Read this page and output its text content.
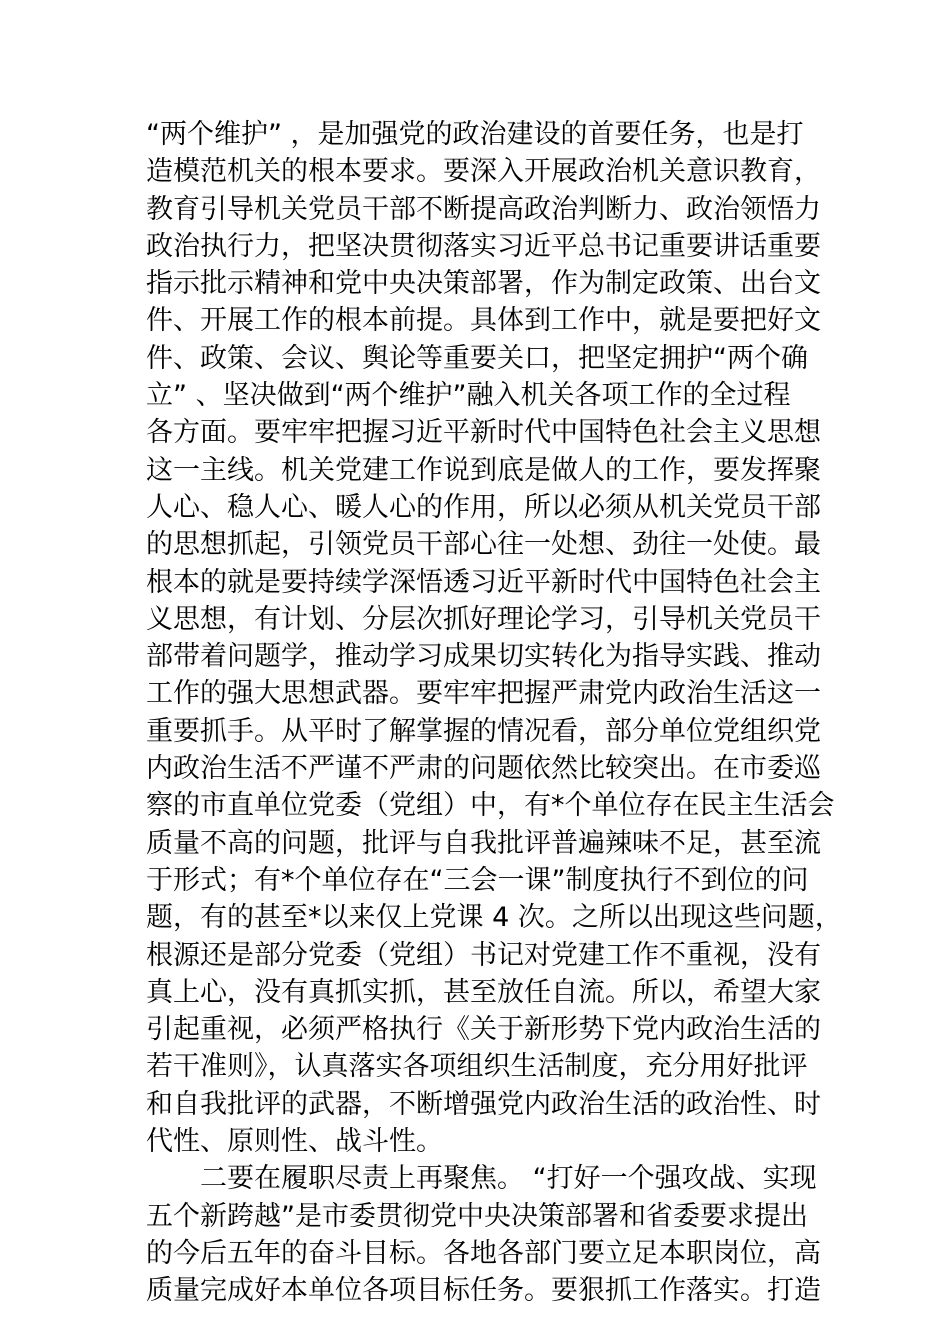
“两个维护” ，是加强党的政治建设的首要任务，也是打
造模范机关的根本要求。要深入开展政治机关意识教育，
教育引导机关党员干部不断提高政治判断力、政治领悟力
政治执行力，把坚决贯彻落实习近平总书记重要讲话重要
指示批示精神和党中央决策部署，作为制定政策、出台文
件、开展工作的根本前提。具体到工作中，就是要把好文
件、政策、会议、舆论等重要关口，把坚定拥护“两个确
立” 、坚决做到“两个维护”融入机关各项工作的全过程
各方面。要牢牢把握习近平新时代中国特色社会主义思想
这一主线。机关党建工作说到底是做人的工作，要发挥聚
人心、稳人心、暖人心的作用，所以必须从机关党员干部
的思想抓起，引领党员干部心往一处想、劲往一处使。最
根本的就是要持续学深悟透习近平新时代中国特色社会主
义思想，有计划、分层次抓好理论学习，引导机关党员干
部带着问题学，推动学习成果切实转化为指导实践、推动
工作的强大思想武器。要牢牢把握严肃党内政治生活这一
重要抓手。从平时了解掌握的情况看，部分单位党组织党
内政治生活不严谨不严肃的问题依然比较突出。在市委巡
察的市直单位党委（党组）中，有*个单位存在民主生活会
质量不高的问题，批评与自我批评普遍辣味不足，甚至流
于形式；有*个单位存在“三会一课”制度执行不到位的问
题，有的甚至*以来仅上党课 4 次。之所以出现这些问题，
根源还是部分党委（党组）书记对党建工作不重视，没有
真上心，没有真抓实抓，甚至放任自流。所以，希望大家
引起重视，必须严格执行《关于新形势下党内政治生活的
若干准则》，认真落实各项组织生活制度，充分用好批评
和自我批评的武器，不断增强党内政治生活的政治性、时
代性、原则性、战斗性。
二要在履职尽责上再聚焦。 “打好一个强攻战、实现
五个新跨越”是市委贯彻党中央决策部署和省委要求提出
的今后五年的奋斗目标。各地各部门要立足本职岗位，高
质量完成好本单位各项目标任务。要狠抓工作落实。打造
